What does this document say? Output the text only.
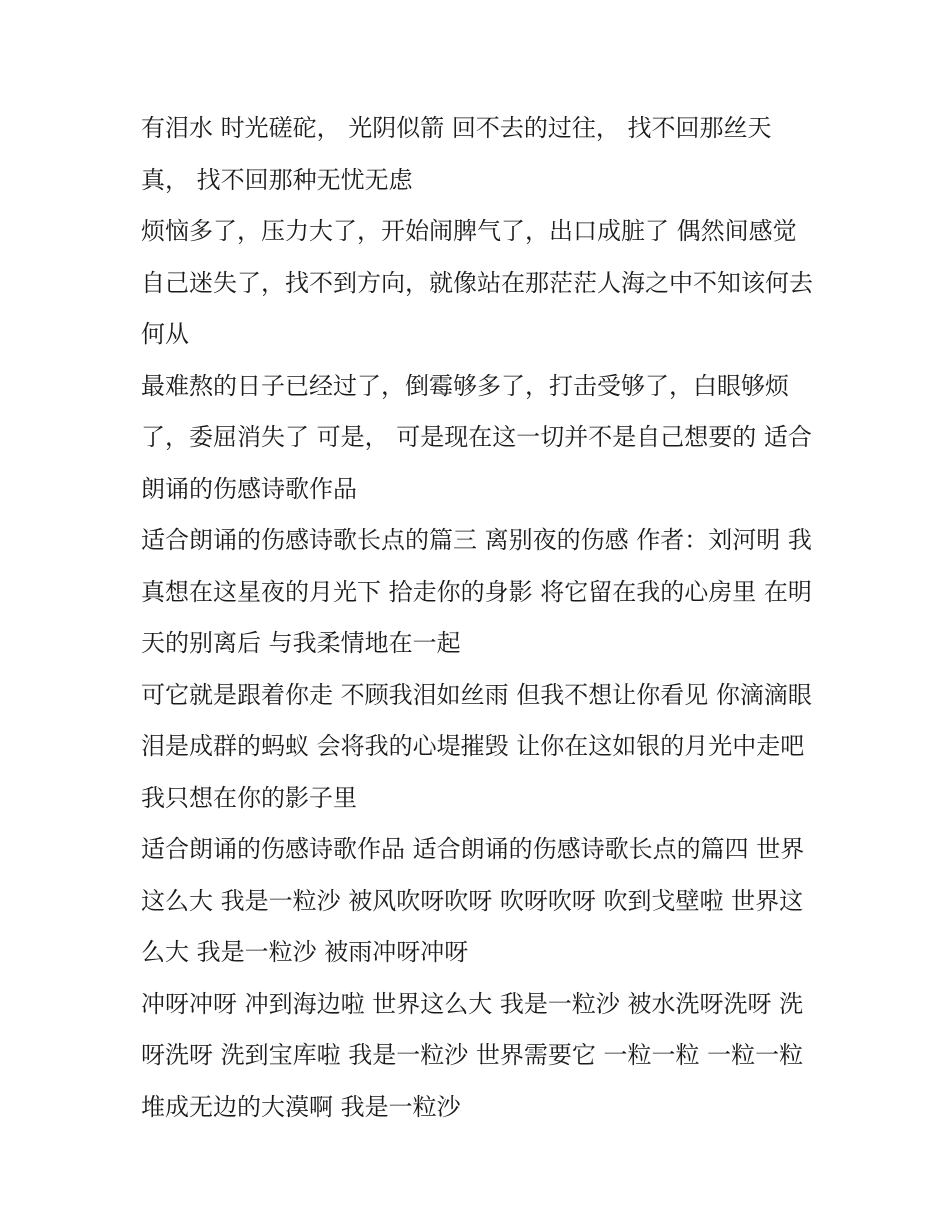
有泪水 时光磋砣， 光阴似箭 回不去的过往， 找不回那丝天真， 找不回那种无忧无虑

烦恼多了，压力大了，开始闹脾气了，出口成脏了 偶然间感觉自己迷失了，找不到方向，就像站在那茫茫人海之中不知该何去何从

最难熬的日子已经过了，倒霉够多了，打击受够了，白眼够烦了，委屈消失了 可是， 可是现在这一切并不是自己想要的 适合朗诵的伤感诗歌作品

适合朗诵的伤感诗歌长点的篇三 离别夜的伤感 作者：刘河明 我真想在这星夜的月光下 拾走你的身影 将它留在我的心房里 在明天的别离后 与我柔情地在一起

可它就是跟着你走 不顾我泪如丝雨 但我不想让你看见 你滴滴眼泪是成群的蚂蚁 会将我的心堤摧毁 让你在这如银的月光中走吧 我只想在你的影子里

适合朗诵的伤感诗歌作品 适合朗诵的伤感诗歌长点的篇四 世界这么大 我是一粒沙 被风吹呀吹呀 吹呀吹呀 吹到戈壁啦 世界这么大 我是一粒沙 被雨冲呀冲呀

冲呀冲呀 冲到海边啦 世界这么大 我是一粒沙 被水洗呀洗呀 洗呀洗呀 洗到宝库啦 我是一粒沙 世界需要它 一粒一粒 一粒一粒 堆成无边的大漠啊 我是一粒沙
